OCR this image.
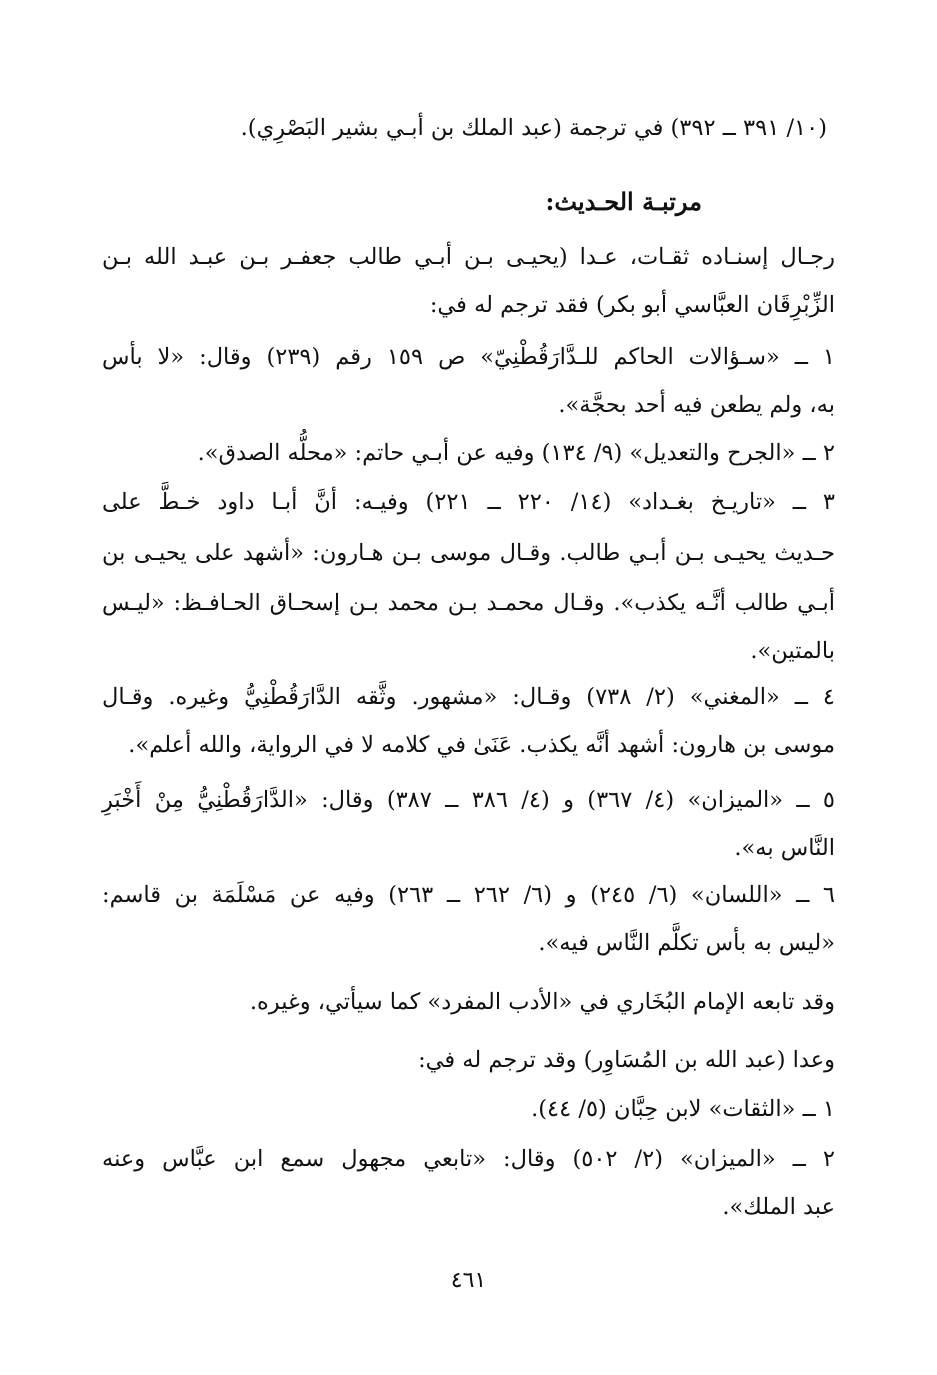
(١٠/ ٣٩١ ــ ٣٩٢) في ترجمة (عبد الملك بن أبـي بشير البَصْرِي).
مرتبـة الحـديث:
رجـال إسنـاده ثقـات، عـدا (يحيـى بـن أبـي طالب جعفـر بـن عبـد الله بـن
الزِّبْرِقَان العبَّاسي أبو بكر) فقد ترجم له في:
١ ــ «سـؤالات الحاكم للـدَّارَقُطْنِيّ» ص ١٥٩ رقم (٢٣٩) وقال: «لا بأس
به، ولم يطعن فيه أحد بحجَّة».
٢ ــ «الجرح والتعديل» (٩/ ١٣٤) وفيه عن أبـي حاتم: «محلُّه الصدق».
٣ ــ «تاريـخ بغـداد» (١٤/ ٢٢٠ ــ ٢٢١) وفيـه: أنَّ أبـا داود خـطَّ على
حـديث يحيـى بـن أبـي طالب. وقـال موسى بـن هـارون: «أشهد على يحيـى بن
أبـي طالب أنَّـه يكذب». وقـال محمـد بـن محمد بـن إسحـاق الحـافـظ: «ليـس
بالمتين».
٤ ــ «المغني» (٢/ ٧٣٨) وقـال: «مشهور. وثَّقه الدَّارَقُطْنِيُّ وغيره. وقـال
موسى بن هارون: أشهد أنَّه يكذب. عَنَىٰ في كلامه لا في الرواية، والله أعلم».
٥ ــ «الميزان» (٤/ ٣٦٧) و (٤/ ٣٨٦ ــ ٣٨٧) وقال: «الدَّارَقُطْنِيُّ مِنْ أَخْبَرِ
النَّاس به».
٦ ــ «اللسان» (٦/ ٢٤٥) و (٦/ ٢٦٢ ــ ٢٦٣) وفيه عن مَسْلَمَة بن قاسم:
«ليس به بأس تكلَّم النَّاس فيه».
وقد تابعه الإمام البُخَاري في «الأدب المفرد» كما سيأتي، وغيره.
وعدا (عبد الله بن المُسَاوِر) وقد ترجم له في:
١ ــ «الثقات» لابن حِبَّان (٥/ ٤٤).
٢ ــ «الميزان» (٢/ ٥٠٢) وقال: «تابعي مجهول سمع ابن عبَّاس وعنه
عبد الملك».
٤٦١
